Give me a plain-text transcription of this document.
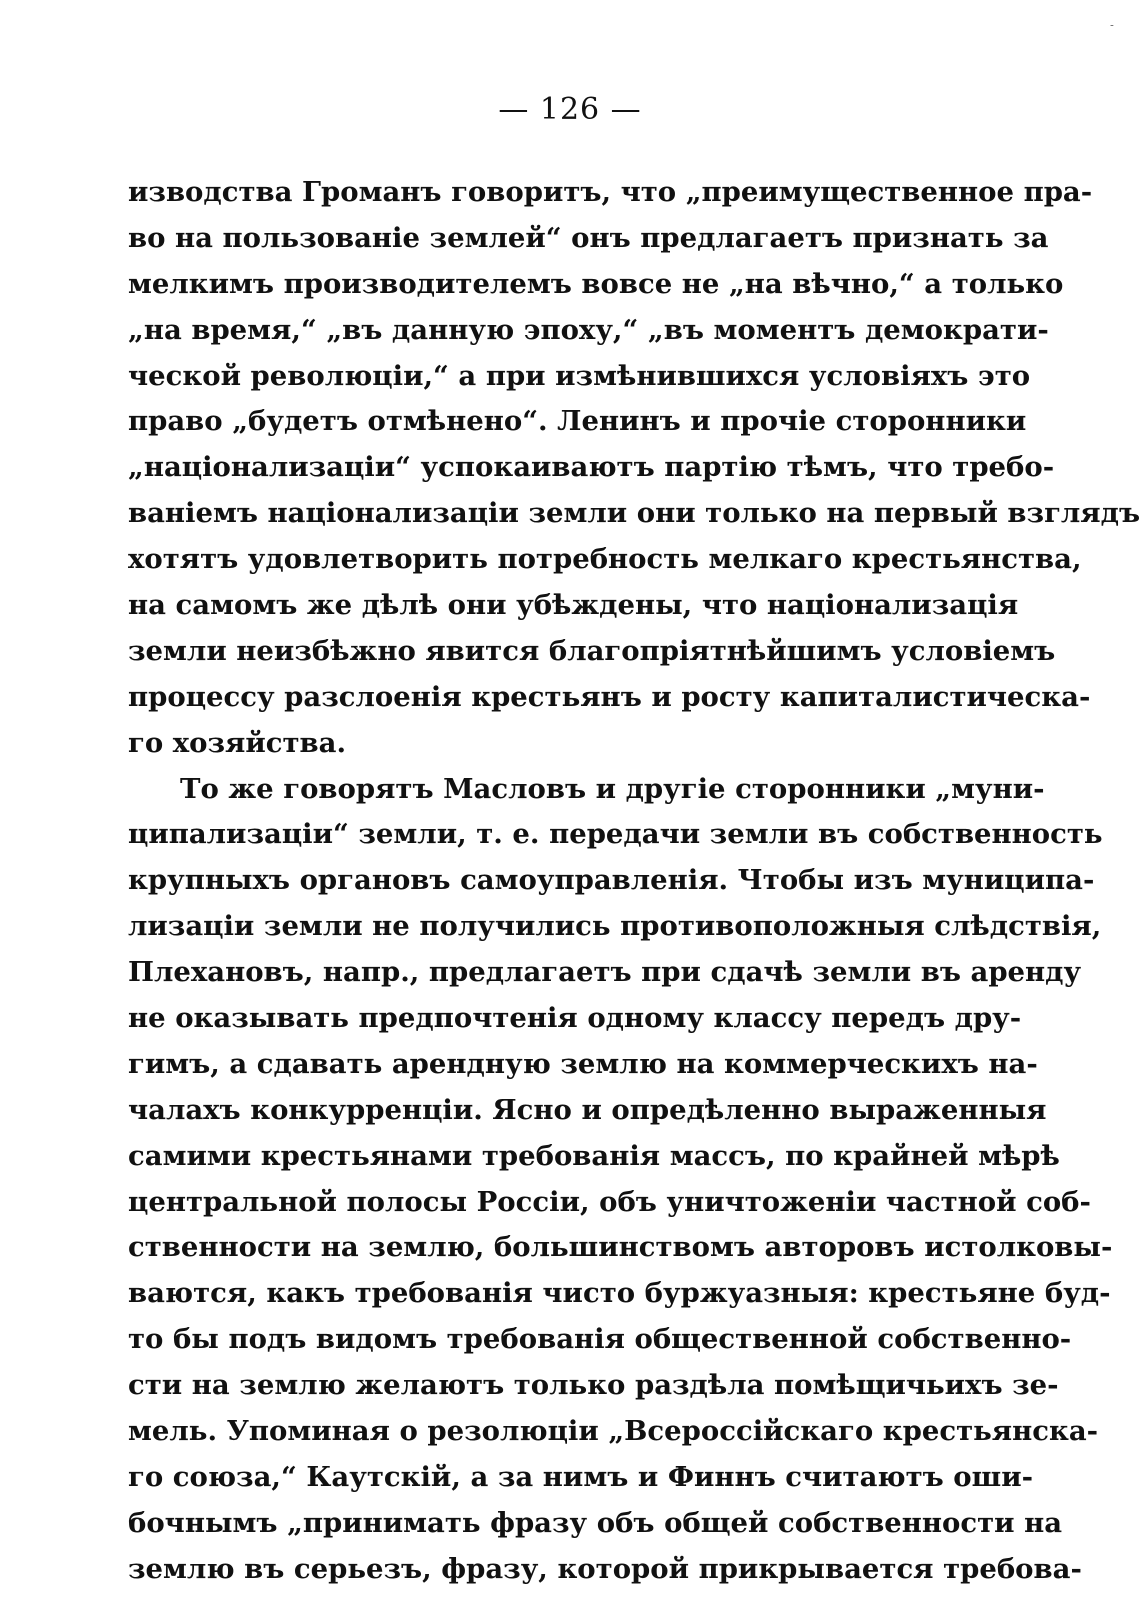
˗
— 126 —
изводства Громанъ говоритъ, что „преимущественное пра-
во на пользованіе землей“ онъ предлагаетъ признать за
мелкимъ производителемъ вовсе не „на вѣчно,“ а только
„на время,“ „въ данную эпоху,“ „въ моментъ демократи-
ческой революціи,“ а при измѣнившихся условіяхъ это
право „будетъ отмѣнено“. Ленинъ и прочіе сторонники
„націонализаціи“ успокаиваютъ партію тѣмъ, что требо-
ваніемъ націонализаціи земли они только на первый взглядъ
хотятъ удовлетворить потребность мелкаго крестьянства,
на самомъ же дѣлѣ они убѣждены, что націонализація
земли неизбѣжно явится благопріятнѣйшимъ условіемъ
процессу разслоенія крестьянъ и росту капиталистическа-
го хозяйства.
То же говорятъ Масловъ и другіе сторонники „муни-
ципализаціи“ земли, т. е. передачи земли въ собственность
крупныхъ органовъ самоуправленія. Чтобы изъ муниципа-
лизаціи земли не получились противоположныя слѣдствія,
Плехановъ, напр., предлагаетъ при сдачѣ земли въ аренду
не оказывать предпочтенія одному классу передъ дру-
гимъ, а сдавать арендную землю на коммерческихъ на-
чалахъ конкурренціи. Ясно и опредѣленно выраженныя
самими крестьянами требованія массъ, по крайней мѣрѣ
центральной полосы Россіи, объ уничтоженіи частной соб-
ственности на землю, большинствомъ авторовъ истолковы-
ваются, какъ требованія чисто буржуазныя: крестьяне буд-
то бы подъ видомъ требованія общественной собственно-
сти на землю желаютъ только раздѣла помѣщичьихъ зе-
мель. Упоминая о резолюціи „Всероссійскаго крестьянска-
го союза,“ Каутскій, а за нимъ и Финнъ считаютъ оши-
бочнымъ „принимать фразу объ общей собственности на
землю въ серьезъ, фразу, которой прикрывается требова-
